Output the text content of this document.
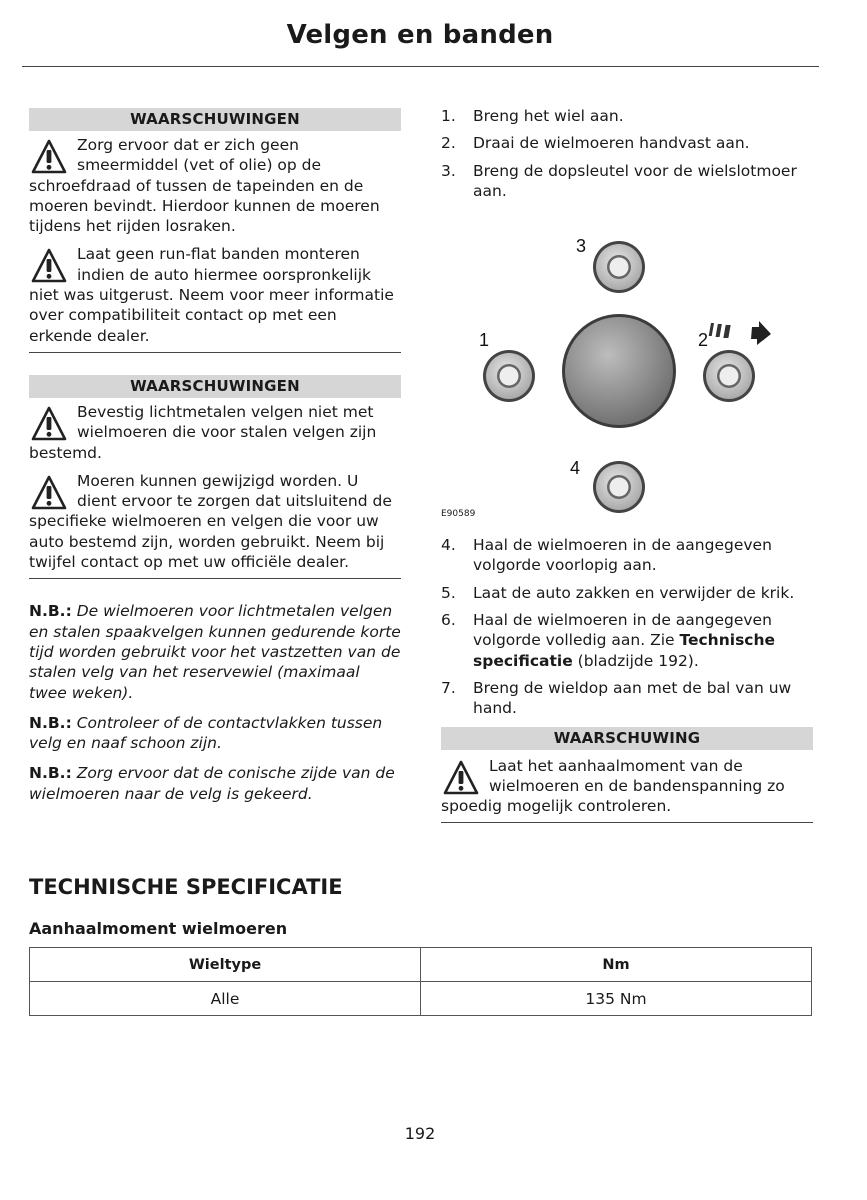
Velgen en banden
WAARSCHUWINGEN
Zorg ervoor dat er zich geen smeermiddel (vet of olie) op de schroefdraad of tussen de tapeinden en de moeren bevindt. Hierdoor kunnen de moeren tijdens het rijden losraken.
Laat geen run-flat banden monteren indien de auto hiermee oorspronkelijk niet was uitgerust. Neem voor meer informatie over compatibiliteit contact op met een erkende dealer.
WAARSCHUWINGEN
Bevestig lichtmetalen velgen niet met wielmoeren die voor stalen velgen zijn bestemd.
Moeren kunnen gewijzigd worden. U dient ervoor te zorgen dat uitsluitend de specifieke wielmoeren en velgen die voor uw auto bestemd zijn, worden gebruikt. Neem bij twijfel contact op met uw officiële dealer.
N.B.: De wielmoeren voor lichtmetalen velgen en stalen spaakvelgen kunnen gedurende korte tijd worden gebruikt voor het vastzetten van de stalen velg van het reservewiel (maximaal twee weken).
N.B.: Controleer of de contactvlakken tussen velg en naaf schoon zijn.
N.B.: Zorg ervoor dat de conische zijde van de wielmoeren naar de velg is gekeerd.
1.	Breng het wiel aan.
2.	Draai de wielmoeren handvast aan.
3.	Breng de dopsleutel voor de wielslotmoer aan.
3
1	2
4
E90589
4.	Haal de wielmoeren in de aangegeven volgorde voorlopig aan.
5.	Laat de auto zakken en verwijder de krik.
6.	Haal de wielmoeren in de aangegeven volgorde volledig aan. Zie Technische specificatie (bladzijde 192).
7.	Breng de wieldop aan met de bal van uw hand.
WAARSCHUWING
Laat het aanhaalmoment van de wielmoeren en de bandenspanning zo spoedig mogelijk controleren.
TECHNISCHE SPECIFICATIE
Aanhaalmoment wielmoeren
Wieltype	Nm
Alle	135 Nm
192
